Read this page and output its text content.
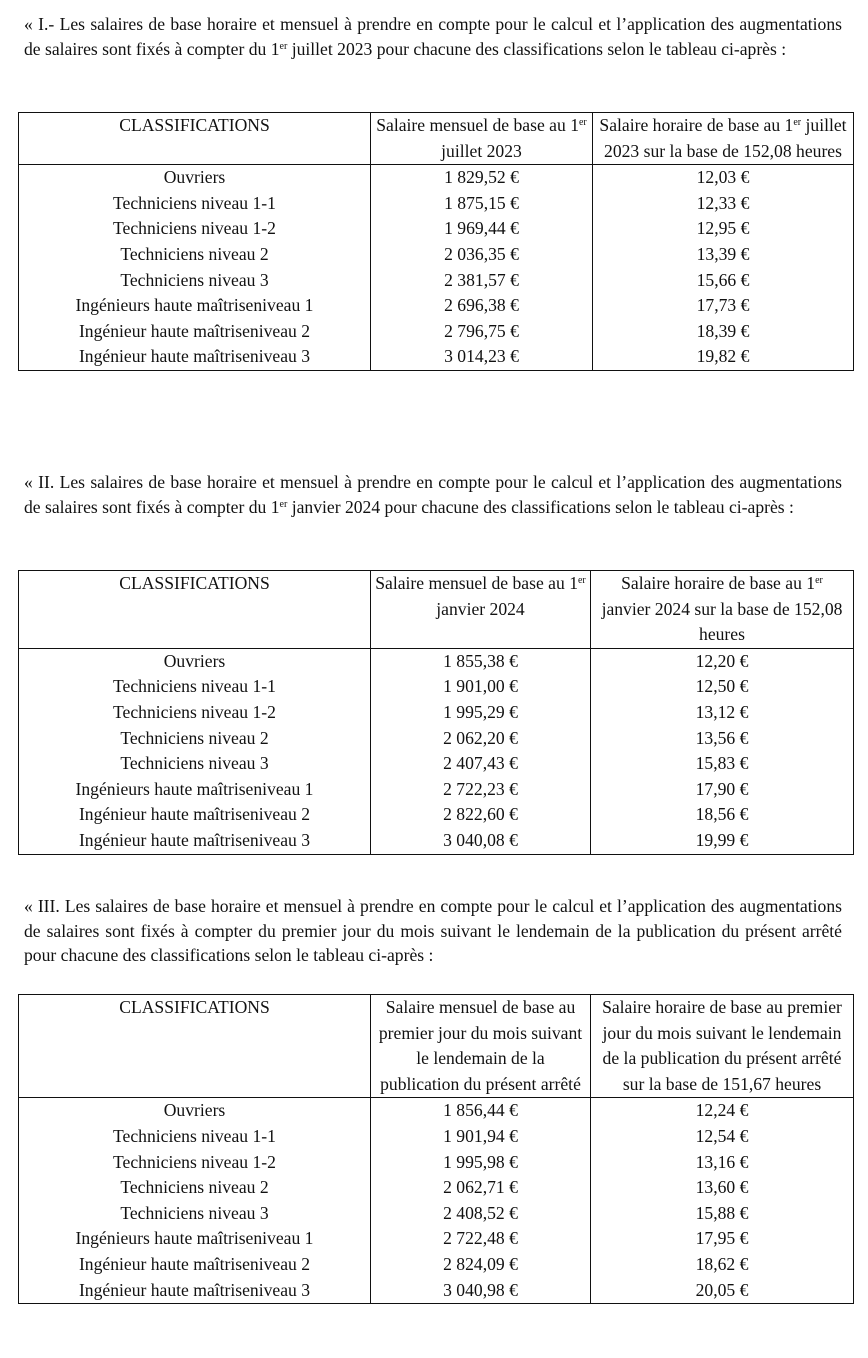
« I.- Les salaires de base horaire et mensuel à prendre en compte pour le calcul et l’application des augmentations de salaires sont fixés à compter du 1er juillet 2023 pour chacune des classifications selon le tableau ci-après :

CLASSIFICATIONS	Salaire mensuel de base au 1er juillet 2023	Salaire horaire de base au 1er juillet 2023 sur la base de 152,08 heures
Ouvriers	1 829,52 €	12,03 €
Techniciens niveau 1-1	1 875,15 €	12,33 €
Techniciens niveau 1-2	1 969,44 €	12,95 €
Techniciens niveau 2	2 036,35 €	13,39 €
Techniciens niveau 3	2 381,57 €	15,66 €
Ingénieurs haute maîtriseniveau 1	2 696,38 €	17,73 €
Ingénieur haute maîtriseniveau 2	2 796,75 €	18,39 €
Ingénieur haute maîtriseniveau 3	3 014,23 €	19,82 €

« II. Les salaires de base horaire et mensuel à prendre en compte pour le calcul et l’application des augmentations de salaires sont fixés à compter du 1er janvier 2024 pour chacune des classifications selon le tableau ci-après :

CLASSIFICATIONS	Salaire mensuel de base au 1er janvier 2024	Salaire horaire de base au 1er janvier 2024 sur la base de 152,08 heures
Ouvriers	1 855,38 €	12,20 €
Techniciens niveau 1-1	1 901,00 €	12,50 €
Techniciens niveau 1-2	1 995,29 €	13,12 €
Techniciens niveau 2	2 062,20 €	13,56 €
Techniciens niveau 3	2 407,43 €	15,83 €
Ingénieurs haute maîtriseniveau 1	2 722,23 €	17,90 €
Ingénieur haute maîtriseniveau 2	2 822,60 €	18,56 €
Ingénieur haute maîtriseniveau 3	3 040,08 €	19,99 €

« III. Les salaires de base horaire et mensuel à prendre en compte pour le calcul et l’application des augmentations de salaires sont fixés à compter du premier jour du mois suivant le lendemain de la publication du présent arrêté pour chacune des classifications selon le tableau ci-après :

CLASSIFICATIONS	Salaire mensuel de base au premier jour du mois suivant le lendemain de la publication du présent arrêté	Salaire horaire de base au premier jour du mois suivant le lendemain de la publication du présent arrêté sur la base de 151,67 heures
Ouvriers	1 856,44 €	12,24 €
Techniciens niveau 1-1	1 901,94 €	12,54 €
Techniciens niveau 1-2	1 995,98 €	13,16 €
Techniciens niveau 2	2 062,71 €	13,60 €
Techniciens niveau 3	2 408,52 €	15,88 €
Ingénieurs haute maîtriseniveau 1	2 722,48 €	17,95 €
Ingénieur haute maîtriseniveau 2	2 824,09 €	18,62 €
Ingénieur haute maîtriseniveau 3	3 040,98 €	20,05 €
